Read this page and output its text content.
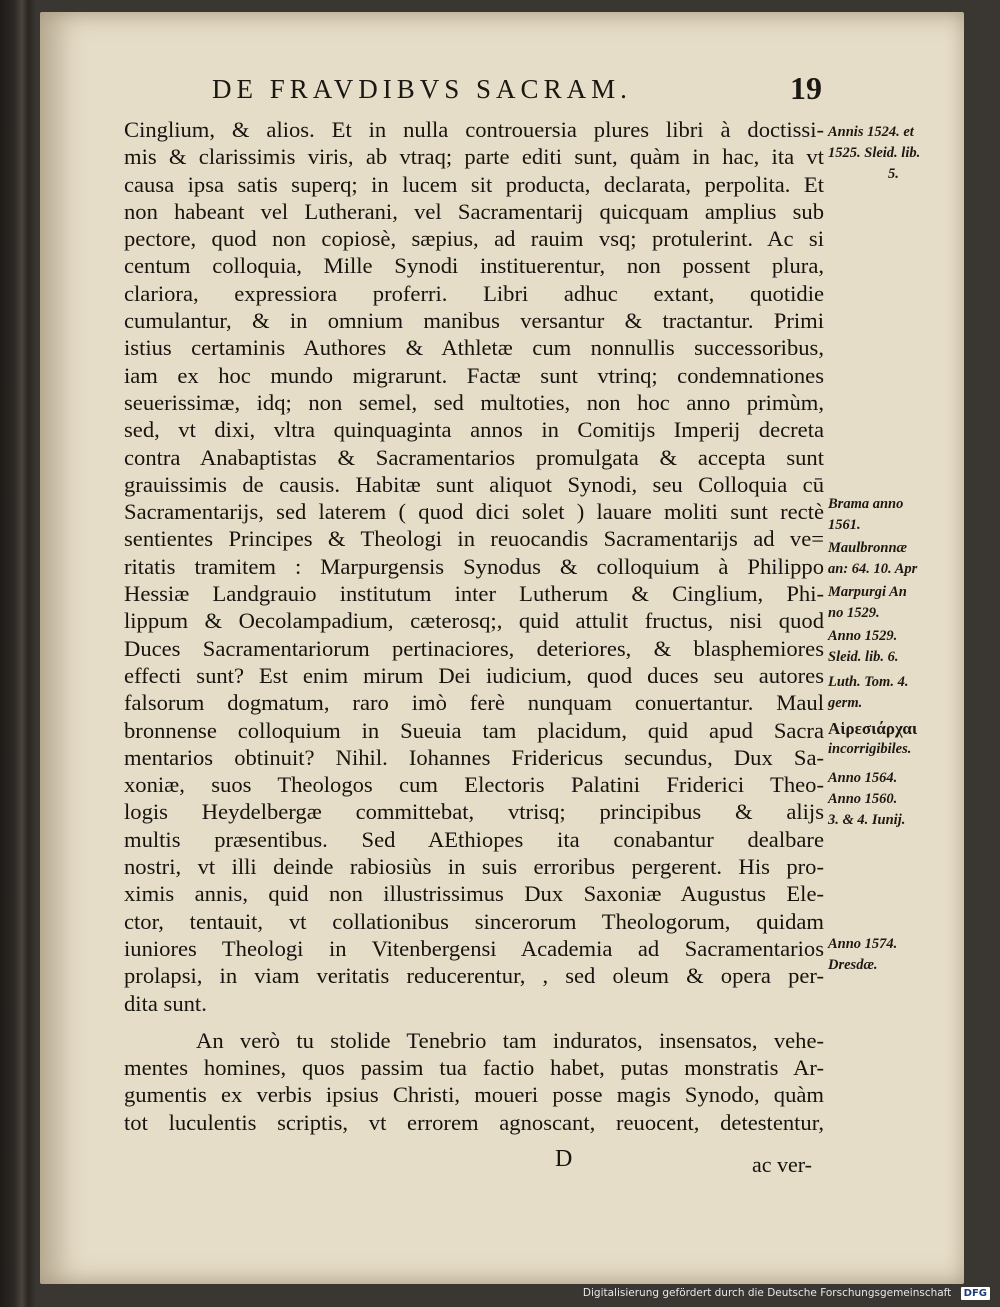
DE FRAVDIBVS SACRAM.	19
Cinglium, & alios. Et in nulla controuersia plures libri à doctissi-
mis & clarissimis viris, ab vtraq; parte editi sunt, quàm in hac, ita vt
causa ipsa satis superq; in lucem sit producta, declarata, perpolita. Et
non habeant vel Lutherani, vel Sacramentarij quicquam amplius sub
pectore, quod non copiosè, sæpius, ad rauim vsq; protulerint. Ac si
centum colloquia, Mille Synodi instituerentur, non possent plura,
clariora, expressiora proferri. Libri adhuc extant, quotidie
cumulantur, & in omnium manibus versantur & tractantur. Primi
istius certaminis Authores & Athletæ cum nonnullis successoribus,
iam ex hoc mundo migrarunt. Factæ sunt vtrinq; condemnationes
seuerissimæ, idq; non semel, sed multoties, non hoc anno primùm,
sed, vt dixi, vltra quinquaginta annos in Comitijs Imperij decreta
contra Anabaptistas & Sacramentarios promulgata & accepta sunt
grauissimis de causis. Habitæ sunt aliquot Synodi, seu Colloquia cū
Sacramentarijs, sed laterem ( quod dici solet ) lauare moliti sunt rectè
sentientes Principes & Theologi in reuocandis Sacramentarijs ad ve=
ritatis tramitem : Marpurgensis Synodus & colloquium à Philippo
Hessiæ Landgrauio institutum inter Lutherum & Cinglium, Phi-
lippum & Oecolampadium, cæterosq;, quid attulit fructus, nisi quod
Duces Sacramentariorum pertinaciores, deteriores, & blasphemiores
effecti sunt? Est enim mirum Dei iudicium, quod duces seu autores
falsorum dogmatum, raro imò ferè nunquam conuertantur. Maul
bronnense colloquium in Sueuia tam placidum, quid apud Sacra
mentarios obtinuit? Nihil. Iohannes Fridericus secundus, Dux Sa-
xoniæ, suos Theologos cum Electoris Palatini Friderici Theo-
logis Heydelbergæ committebat, vtrisq; principibus & alijs
multis præsentibus. Sed AEthiopes ita conabantur dealbare
nostri, vt illi deinde rabiosiùs in suis erroribus pergerent. His pro-
ximis annis, quid non illustrissimus Dux Saxoniæ Augustus Ele-
ctor, tentauit, vt collationibus sincerorum Theologorum, quidam
iuniores Theologi in Vitenbergensi Academia ad Sacramentarios
prolapsi, in viam veritatis reducerentur, , sed oleum & opera per-
dita sunt.
An verò tu stolide Tenebrio tam induratos, insensatos, vehe-
mentes homines, quos passim tua factio habet, putas monstratis Ar-
gumentis ex verbis ipsius Christi, moueri posse magis Synodo, quàm
tot luculentis scriptis, vt errorem agnoscant, reuocent, detestentur,
Annis 1524. et
1525. Sleid. lib.
5.
Brama anno
1561.
Maulbronnæ
an: 64. 10. Apr
Marpurgi An
no 1529.
Anno 1529.
Sleid. lib. 6.
Luth. Tom. 4.
germ.
Αἱρεσιάρχαι
incorrigibiles.
Anno 1564.
Anno 1560.
3. & 4. Iunij.
Anno 1574.
Dresdæ.
D	ac ver-
Digitalisierung gefördert durch die Deutsche Forschungsgemeinschaft DFG
